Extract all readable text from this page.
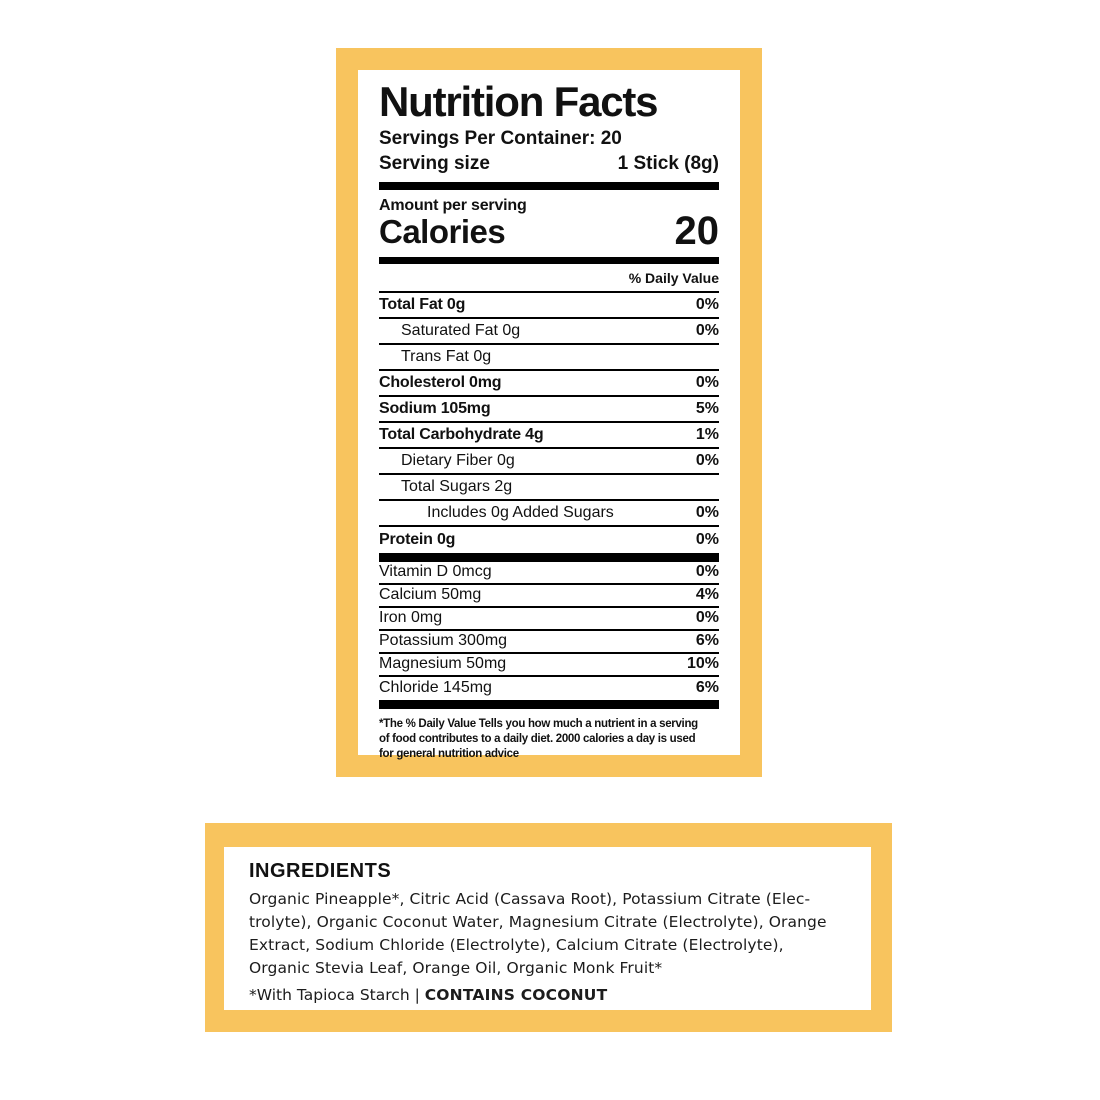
Nutrition Facts
Servings Per Container: 20
Serving size	1 Stick (8g)
Amount per serving
Calories	20
% Daily Value
Total Fat 0g	0%
Saturated Fat 0g	0%
Trans Fat 0g
Cholesterol 0mg	0%
Sodium 105mg	5%
Total Carbohydrate 4g	1%
Dietary Fiber 0g	0%
Total Sugars 2g
Includes 0g Added Sugars	0%
Protein 0g	0%
Vitamin D 0mcg	0%
Calcium 50mg	4%
Iron 0mg	0%
Potassium 300mg	6%
Magnesium 50mg	10%
Chloride 145mg	6%
*The % Daily Value Tells you how much a nutrient in a serving
of food contributes to a daily diet. 2000 calories a day is used
for general nutrition advice
INGREDIENTS
Organic Pineapple*, Citric Acid (Cassava Root), Potassium Citrate (Elec-
trolyte), Organic Coconut Water, Magnesium Citrate (Electrolyte), Orange
Extract, Sodium Chloride (Electrolyte), Calcium Citrate (Electrolyte),
Organic Stevia Leaf, Orange Oil, Organic Monk Fruit*
*With Tapioca Starch | CONTAINS COCONUT
